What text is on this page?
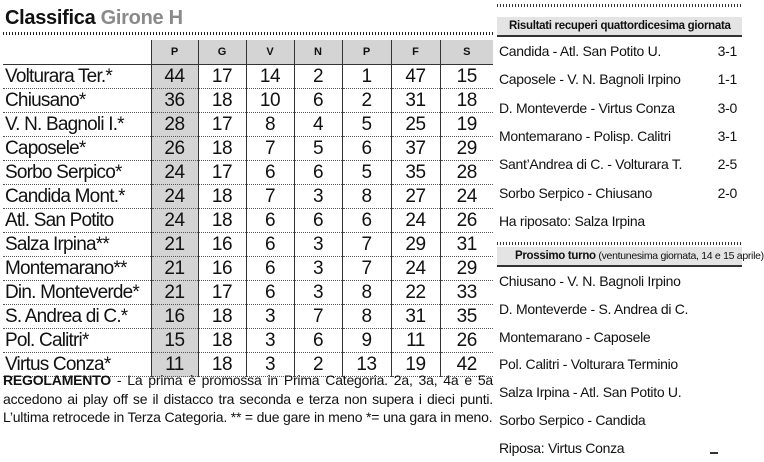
Classifica Girone H
	P	G	V	N	P	F	S
Volturara Ter.*	44	17	14	2	1	47	15
Chiusano*	36	18	10	6	2	31	18
V. N. Bagnoli I.*	28	17	8	4	5	25	19
Caposele*	26	18	7	5	6	37	29
Sorbo Serpico*	24	17	6	6	5	35	28
Candida Mont.*	24	18	7	3	8	27	24
Atl. San Potito	24	18	6	6	6	24	26
Salza Irpina**	21	16	6	3	7	29	31
Montemarano**	21	16	6	3	7	24	29
Din. Monteverde*	21	17	6	3	8	22	33
S. Andrea di C.*	16	18	3	7	8	31	35
Pol. Calitri*	15	18	3	6	9	11	26
Virtus Conza*	11	18	3	2	13	19	42
REGOLAMENTO - La prima è promossa in Prima Categoria. 2a, 3a, 4a e 5a accedono ai play off se il distacco tra seconda e terza non supera i dieci punti. L’ultima retrocede in Terza Categoria. ** = due gare in meno *= una gara in meno.
Risultati recuperi quattordicesima giornata
Candida - Atl. San Potito U.	3-1
Caposele - V. N. Bagnoli Irpino	1-1
D. Monteverde - Virtus Conza	3-0
Montemarano - Polisp. Calitri	3-1
Sant’Andrea di C. - Volturara T.	2-5
Sorbo Serpico - Chiusano	2-0
Ha riposato: Salza Irpina
Prossimo turno (ventunesima giornata, 14 e 15 aprile)
Chiusano - V. N. Bagnoli Irpino
D. Monteverde - S. Andrea di C.
Montemarano - Caposele
Pol. Calitri - Volturara Terminio
Salza Irpina - Atl. San Potito U.
Sorbo Serpico - Candida
Riposa: Virtus Conza
